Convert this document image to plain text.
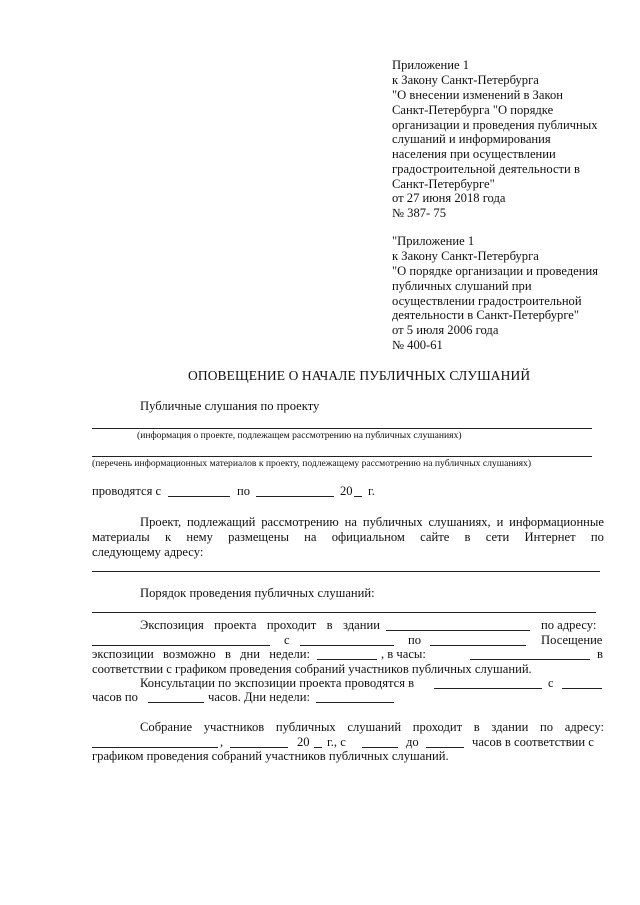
Приложение 1
к Закону Санкт-Петербурга
"О внесении изменений в Закон
Санкт-Петербурга "О порядке
организации и проведения публичных
слушаний и информирования
населения при осуществлении
градостроительной деятельности в
Санкт-Петербурге"
от 27 июня 2018 года
№ 387- 75
"Приложение 1
к Закону Санкт-Петербурга
"О порядке организации и проведения
публичных слушаний при
осуществлении градостроительной
деятельности в Санкт-Петербурге"
от 5 июля 2006 года
№ 400-61
ОПОВЕЩЕНИЕ О НАЧАЛЕ ПУБЛИЧНЫХ СЛУШАНИЙ
Публичные слушания по проекту
(информация о проекте, подлежащем рассмотрению на публичных слушаниях)
(перечень информационных материалов к проекту, подлежащему рассмотрению на публичных слушаниях)
проводятся с	по	20 г.
Проект, подлежащий рассмотрению на публичных слушаниях, и информационные
материалы к нему размещены на официальном сайте в сети Интернет по
следующему адресу:
Порядок проведения публичных слушаний:
Экспозиция проекта проходит в здании	по адресу:
с	по	Посещение
экспозиции возможно в дни недели:	, в часы:	в
соответствии с графиком проведения собраний участников публичных слушаний.
Консультации по экспозиции проекта проводятся в	с
часов по	часов. Дни недели:
Собрание участников публичных слушаний проходит в здании по адресу:
,	20 г., с	до	часов в соответствии с
графиком проведения собраний участников публичных слушаний.
